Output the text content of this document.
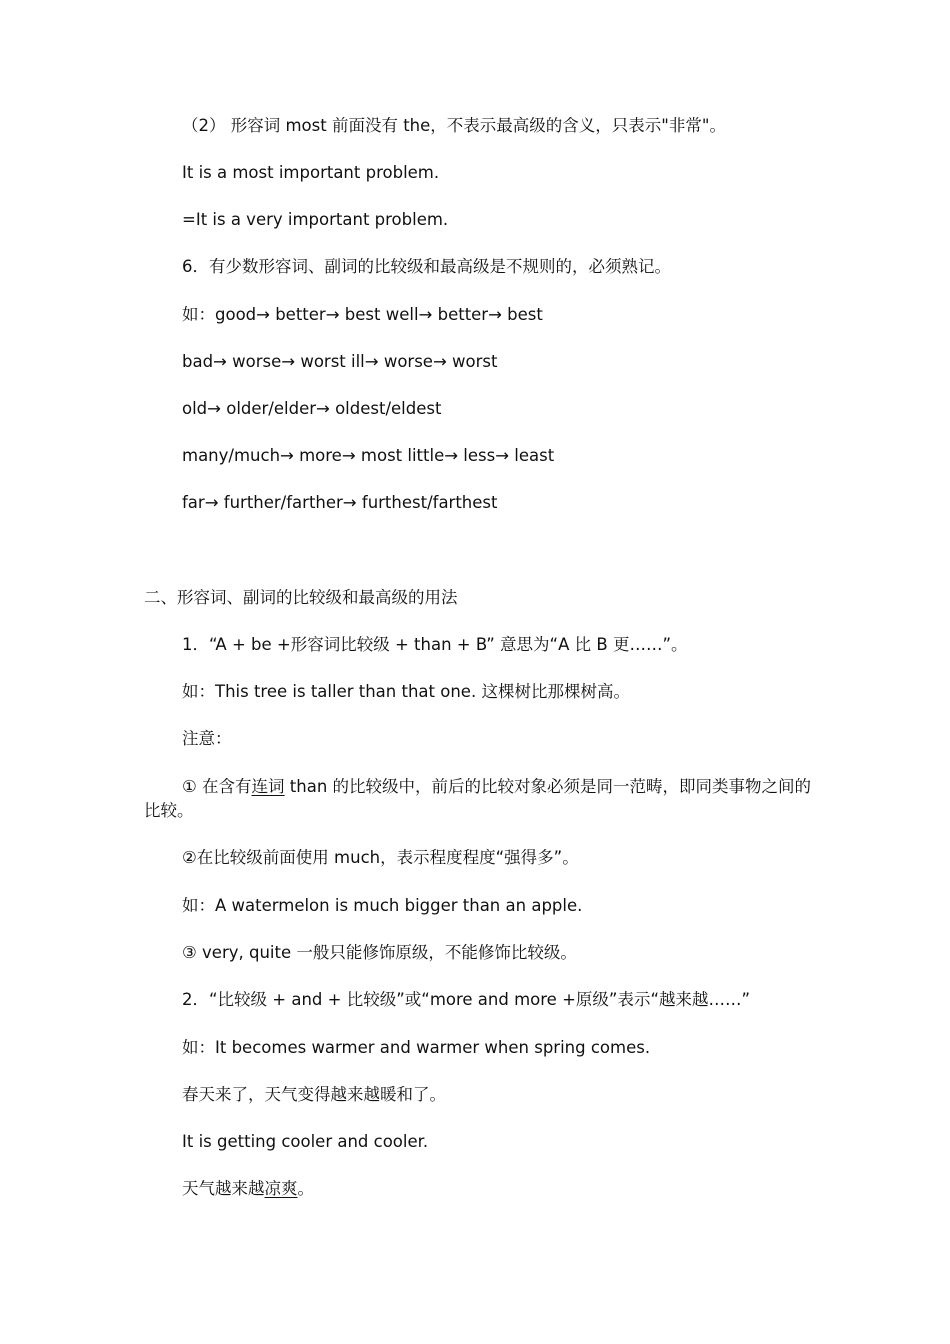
（2） 形容词 most 前面没有 the，不表示最高级的含义，只表示"非常"。
It is a most important problem.
=It is a very important problem.
6．有少数形容词、副词的比较级和最高级是不规则的，必须熟记。
如：good→ better→ best well→ better→ best
bad→ worse→ worst ill→ worse→ worst
old→ older/elder→ oldest/eldest
many/much→ more→ most little→ less→ least
far→ further/farther→ furthest/farthest
二、形容词、副词的比较级和最高级的用法
1．“A + be +形容词比较级 + than + B” 意思为“A 比 B 更……”。
如：This tree is taller than that one. 这棵树比那棵树高。
注意：
① 在含有连词 than 的比较级中，前后的比较对象必须是同一范畴，即同类事物之间的比较。
②在比较级前面使用 much，表示程度程度“强得多”。
如：A watermelon is much bigger than an apple.
③ very, quite 一般只能修饰原级，不能修饰比较级。
2．“比较级 + and + 比较级”或“more and more +原级”表示“越来越……”
如：It becomes warmer and warmer when spring comes.
春天来了，天气变得越来越暖和了。
It is getting cooler and cooler.
天气越来越凉爽。
